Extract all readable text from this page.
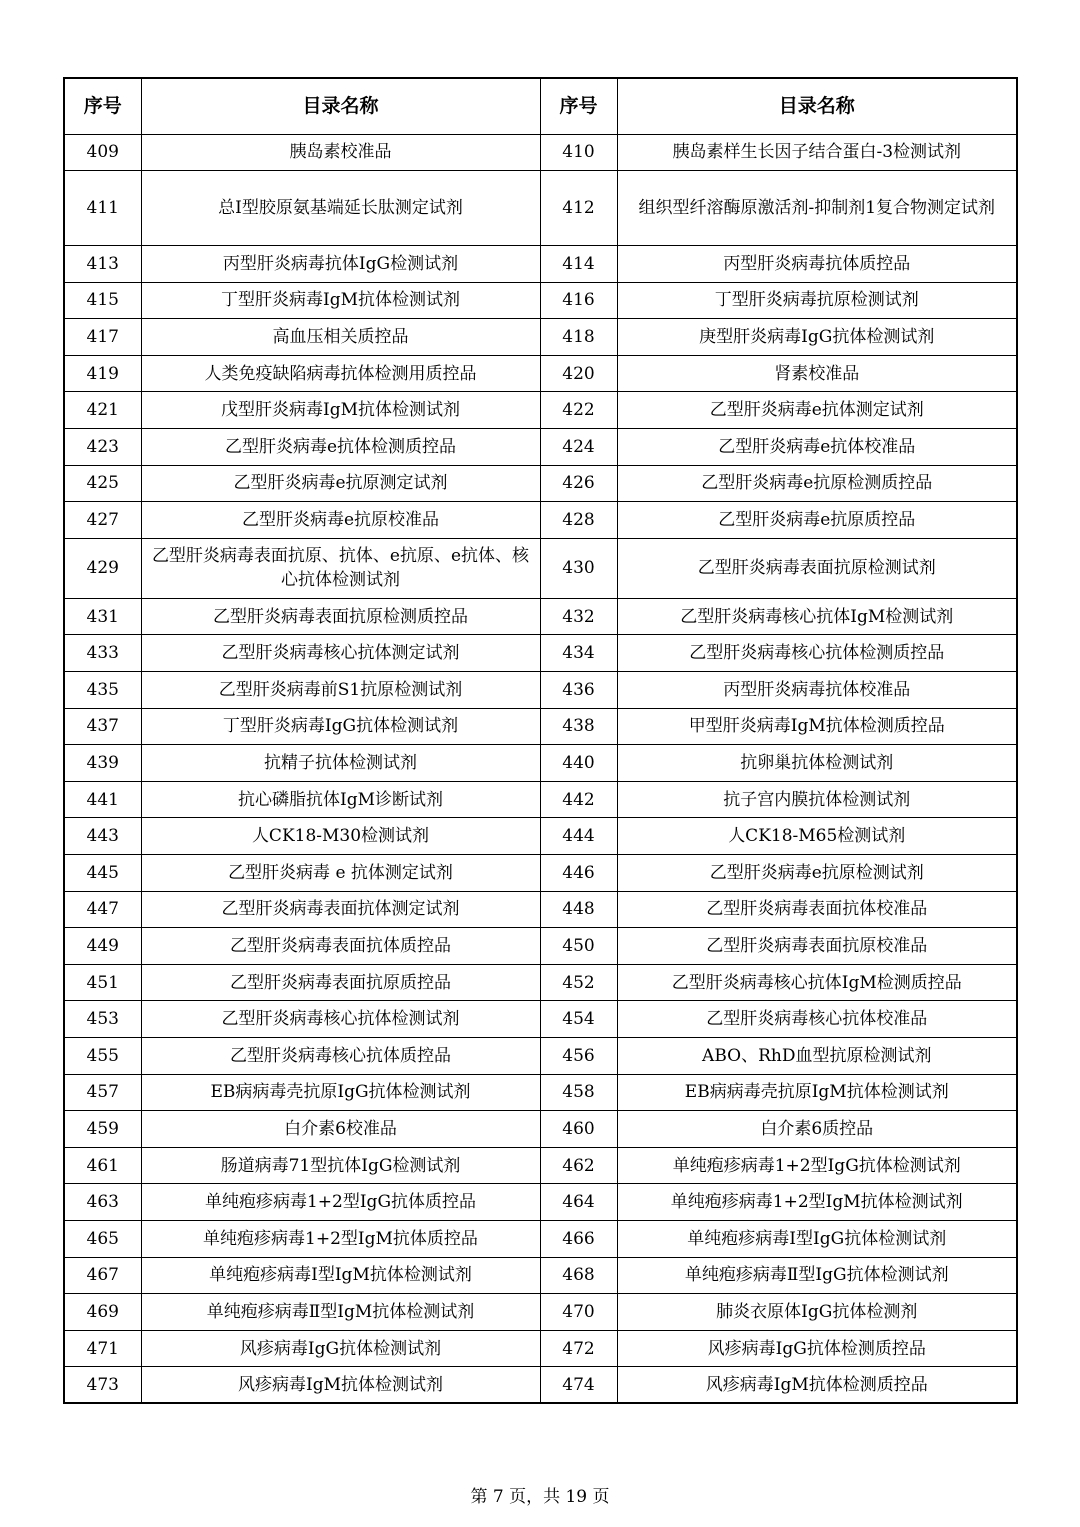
序号	目录名称	序号	目录名称
409	胰岛素校准品	410	胰岛素样生长因子结合蛋白-3检测试剂
411	总I型胶原氨基端延长肽测定试剂	412	组织型纤溶酶原激活剂-抑制剂1复合物测定试剂
413	丙型肝炎病毒抗体IgG检测试剂	414	丙型肝炎病毒抗体质控品
415	丁型肝炎病毒IgM抗体检测试剂	416	丁型肝炎病毒抗原检测试剂
417	高血压相关质控品	418	庚型肝炎病毒IgG抗体检测试剂
419	人类免疫缺陷病毒抗体检测用质控品	420	肾素校准品
421	戊型肝炎病毒IgM抗体检测试剂	422	乙型肝炎病毒e抗体测定试剂
423	乙型肝炎病毒e抗体检测质控品	424	乙型肝炎病毒e抗体校准品
425	乙型肝炎病毒e抗原测定试剂	426	乙型肝炎病毒e抗原检测质控品
427	乙型肝炎病毒e抗原校准品	428	乙型肝炎病毒e抗原质控品
429	乙型肝炎病毒表面抗原、抗体、e抗原、e抗体、核心抗体检测试剂	430	乙型肝炎病毒表面抗原检测试剂
431	乙型肝炎病毒表面抗原检测质控品	432	乙型肝炎病毒核心抗体IgM检测试剂
433	乙型肝炎病毒核心抗体测定试剂	434	乙型肝炎病毒核心抗体检测质控品
435	乙型肝炎病毒前S1抗原检测试剂	436	丙型肝炎病毒抗体校准品
437	丁型肝炎病毒IgG抗体检测试剂	438	甲型肝炎病毒IgM抗体检测质控品
439	抗精子抗体检测试剂	440	抗卵巢抗体检测试剂
441	抗心磷脂抗体IgM诊断试剂	442	抗子宫内膜抗体检测试剂
443	人CK18-M30检测试剂	444	人CK18-M65检测试剂
445	乙型肝炎病毒 e 抗体测定试剂	446	乙型肝炎病毒e抗原检测试剂
447	乙型肝炎病毒表面抗体测定试剂	448	乙型肝炎病毒表面抗体校准品
449	乙型肝炎病毒表面抗体质控品	450	乙型肝炎病毒表面抗原校准品
451	乙型肝炎病毒表面抗原质控品	452	乙型肝炎病毒核心抗体IgM检测质控品
453	乙型肝炎病毒核心抗体检测试剂	454	乙型肝炎病毒核心抗体校准品
455	乙型肝炎病毒核心抗体质控品	456	ABO、RhD血型抗原检测试剂
457	EB病病毒壳抗原IgG抗体检测试剂	458	EB病病毒壳抗原IgM抗体检测试剂
459	白介素6校准品	460	白介素6质控品
461	肠道病毒71型抗体IgG检测试剂	462	单纯疱疹病毒1+2型IgG抗体检测试剂
463	单纯疱疹病毒1+2型IgG抗体质控品	464	单纯疱疹病毒1+2型IgM抗体检测试剂
465	单纯疱疹病毒1+2型IgM抗体质控品	466	单纯疱疹病毒Ⅰ型IgG抗体检测试剂
467	单纯疱疹病毒Ⅰ型IgM抗体检测试剂	468	单纯疱疹病毒Ⅱ型IgG抗体检测试剂
469	单纯疱疹病毒Ⅱ型IgM抗体检测试剂	470	肺炎衣原体IgG抗体检测剂
471	风疹病毒IgG抗体检测试剂	472	风疹病毒IgG抗体检测质控品
473	风疹病毒IgM抗体检测试剂	474	风疹病毒IgM抗体检测质控品
第 7 页，共 19 页
